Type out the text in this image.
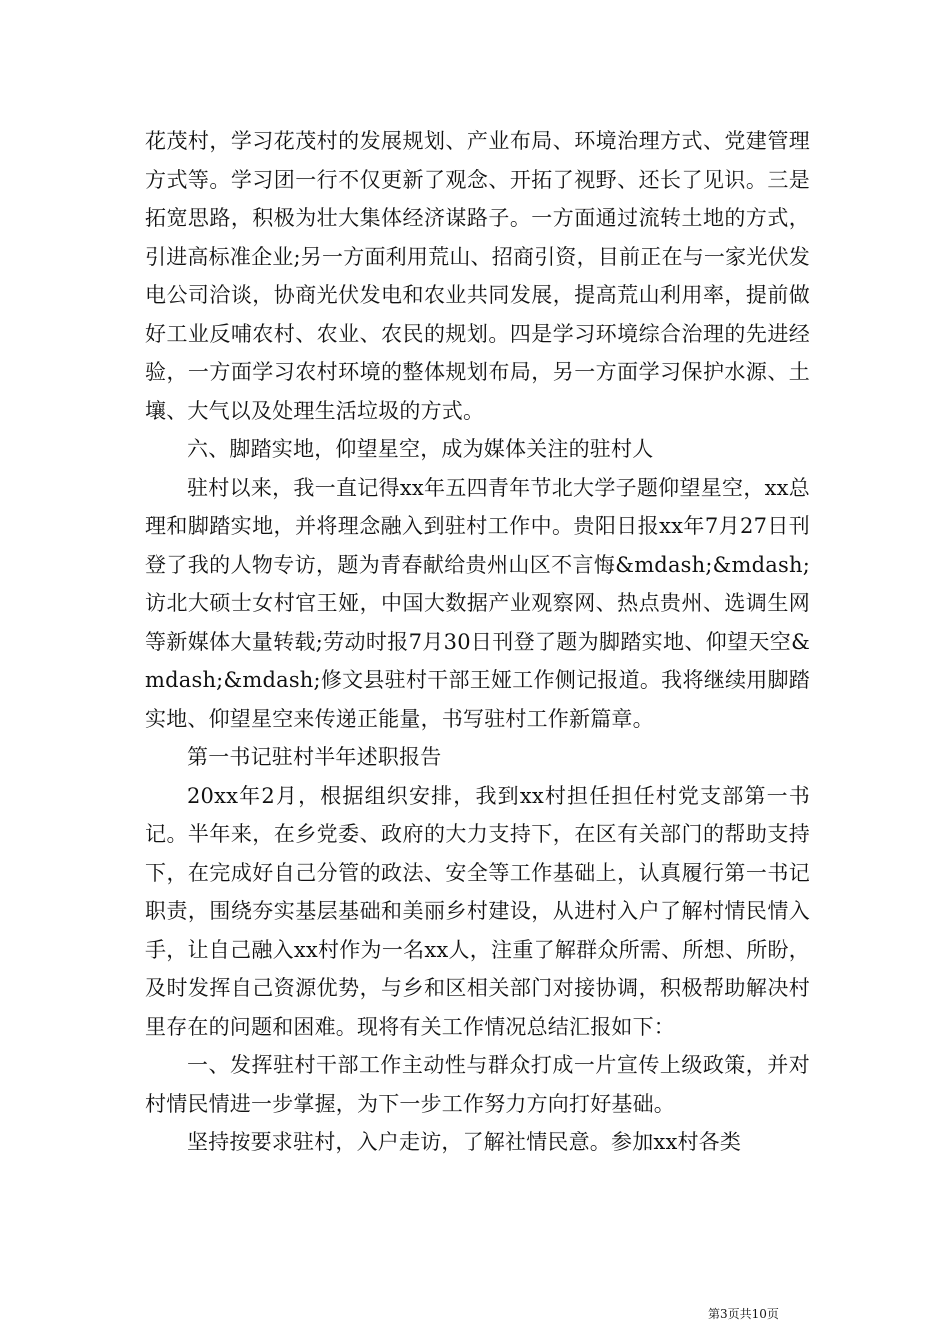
花茂村，学习花茂村的发展规划、产业布局、环境治理方式、党建管理方式等。学习团一行不仅更新了观念、开拓了视野、还长了见识。三是拓宽思路，积极为壮大集体经济谋路子。一方面通过流转土地的方式，引进高标准企业;另一方面利用荒山、招商引资，目前正在与一家光伏发电公司洽谈，协商光伏发电和农业共同发展，提高荒山利用率，提前做好工业反哺农村、农业、农民的规划。四是学习环境综合治理的先进经验，一方面学习农村环境的整体规划布局，另一方面学习保护水源、土壤、大气以及处理生活垃圾的方式。

六、脚踏实地，仰望星空，成为媒体关注的驻村人

驻村以来，我一直记得xx年五四青年节北大学子题仰望星空，xx总理和脚踏实地，并将理念融入到驻村工作中。贵阳日报xx年7月27日刊登了我的人物专访，题为青春献给贵州山区不言悔&mdash;&mdash;访北大硕士女村官王娅，中国大数据产业观察网、热点贵州、选调生网等新媒体大量转载;劳动时报7月30日刊登了题为脚踏实地、仰望天空&mdash;&mdash;修文县驻村干部王娅工作侧记报道。我将继续用脚踏实地、仰望星空来传递正能量，书写驻村工作新篇章。

第一书记驻村半年述职报告

20xx年2月，根据组织安排，我到xx村担任担任村党支部第一书记。半年来，在乡党委、政府的大力支持下，在区有关部门的帮助支持下，在完成好自己分管的政法、安全等工作基础上，认真履行第一书记职责，围绕夯实基层基础和美丽乡村建设，从进村入户了解村情民情入手，让自己融入xx村作为一名xx人，注重了解群众所需、所想、所盼，及时发挥自己资源优势，与乡和区相关部门对接协调，积极帮助解决村里存在的问题和困难。现将有关工作情况总结汇报如下：

一、发挥驻村干部工作主动性与群众打成一片宣传上级政策，并对村情民情进一步掌握，为下一步工作努力方向打好基础。

坚持按要求驻村，入户走访，了解社情民意。参加xx村各类

第3页共10页
